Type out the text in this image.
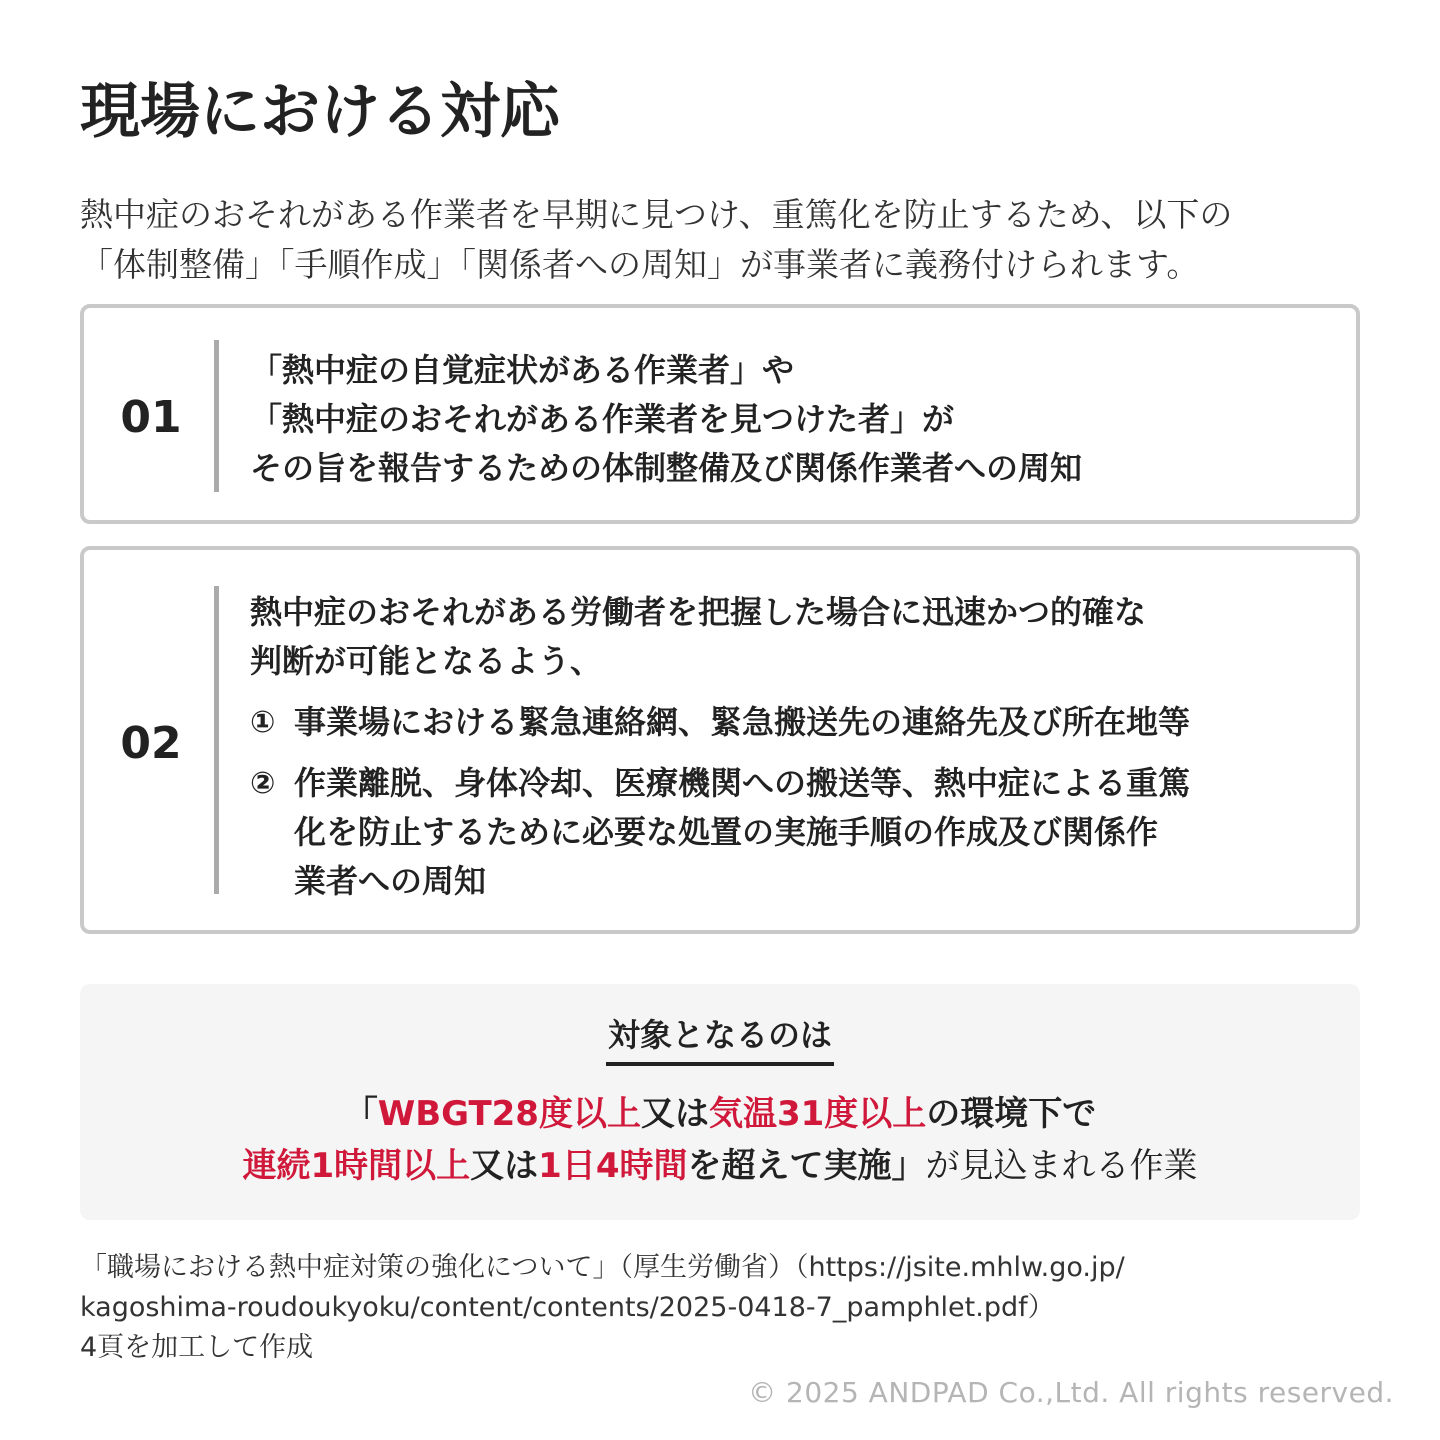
現場における対応
熱中症のおそれがある作業者を早期に見つけ、重篤化を防止するため、以下の
「体制整備」「手順作成」「関係者への周知」が事業者に義務付けられます。
01
「熱中症の自覚症状がある作業者」や
「熱中症のおそれがある作業者を見つけた者」が
その旨を報告するための体制整備及び関係作業者への周知
02
熱中症のおそれがある労働者を把握した場合に迅速かつ的確な
判断が可能となるよう、
① 事業場における緊急連絡網、緊急搬送先の連絡先及び所在地等
② 作業離脱、身体冷却、医療機関への搬送等、熱中症による重篤
化を防止するために必要な処置の実施手順の作成及び関係作
業者への周知
対象となるのは
「WBGT28度以上又は気温31度以上の環境下で
連続1時間以上又は1日4時間を超えて実施」が見込まれる作業
「職場における熱中症対策の強化について」（厚生労働省）（https://jsite.mhlw.go.jp/
kagoshima-roudoukyoku/content/contents/2025-0418-7_pamphlet.pdf）
4頁を加工して作成
© 2025 ANDPAD Co.,Ltd. All rights reserved.
